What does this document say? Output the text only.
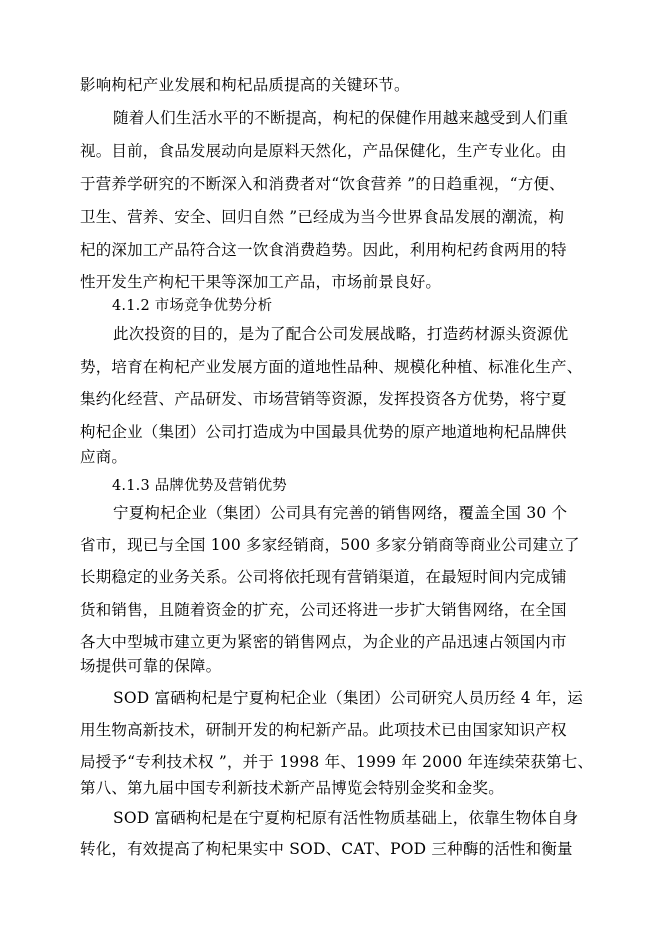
影响枸杞产业发展和枸杞品质提高的关键环节。
随着人们生活水平的不断提高，枸杞的保健作用越来越受到人们重
视。目前，食品发展动向是原料天然化，产品保健化，生产专业化。由
于营养学研究的不断深入和消费者对“饮食营养 ”的日趋重视，“方便、
卫生、营养、安全、回归自然 ”已经成为当今世界食品发展的潮流，枸
杞的深加工产品符合这一饮食消费趋势。因此，利用枸杞药食两用的特
性开发生产枸杞干果等深加工产品，市场前景良好。
4.1.2 市场竞争优势分析
此次投资的目的，是为了配合公司发展战略，打造药材源头资源优
势，培育在枸杞产业发展方面的道地性品种、规模化种植、标准化生产、
集约化经营、产品研发、市场营销等资源，发挥投资各方优势，将宁夏
枸杞企业（集团）公司打造成为中国最具优势的原产地道地枸杞品牌供
应商。
4.1.3 品牌优势及营销优势
宁夏枸杞企业（集团）公司具有完善的销售网络，覆盖全国 30 个
省市，现已与全国 100 多家经销商，500 多家分销商等商业公司建立了
长期稳定的业务关系。公司将依托现有营销渠道，在最短时间内完成铺
货和销售，且随着资金的扩充，公司还将进一步扩大销售网络，在全国
各大中型城市建立更为紧密的销售网点，为企业的产品迅速占领国内市
场提供可靠的保障。
SOD 富硒枸杞是宁夏枸杞企业（集团）公司研究人员历经 4 年，运
用生物高新技术，研制开发的枸杞新产品。此项技术已由国家知识产权
局授予“专利技术权 ”，并于 1998 年、1999 年 2000 年连续荣获第七、
第八、第九届中国专利新技术新产品博览会特别金奖和金奖。
SOD 富硒枸杞是在宁夏枸杞原有活性物质基础上，依靠生物体自身
转化，有效提高了枸杞果实中 SOD、CAT、POD 三种酶的活性和衡量
